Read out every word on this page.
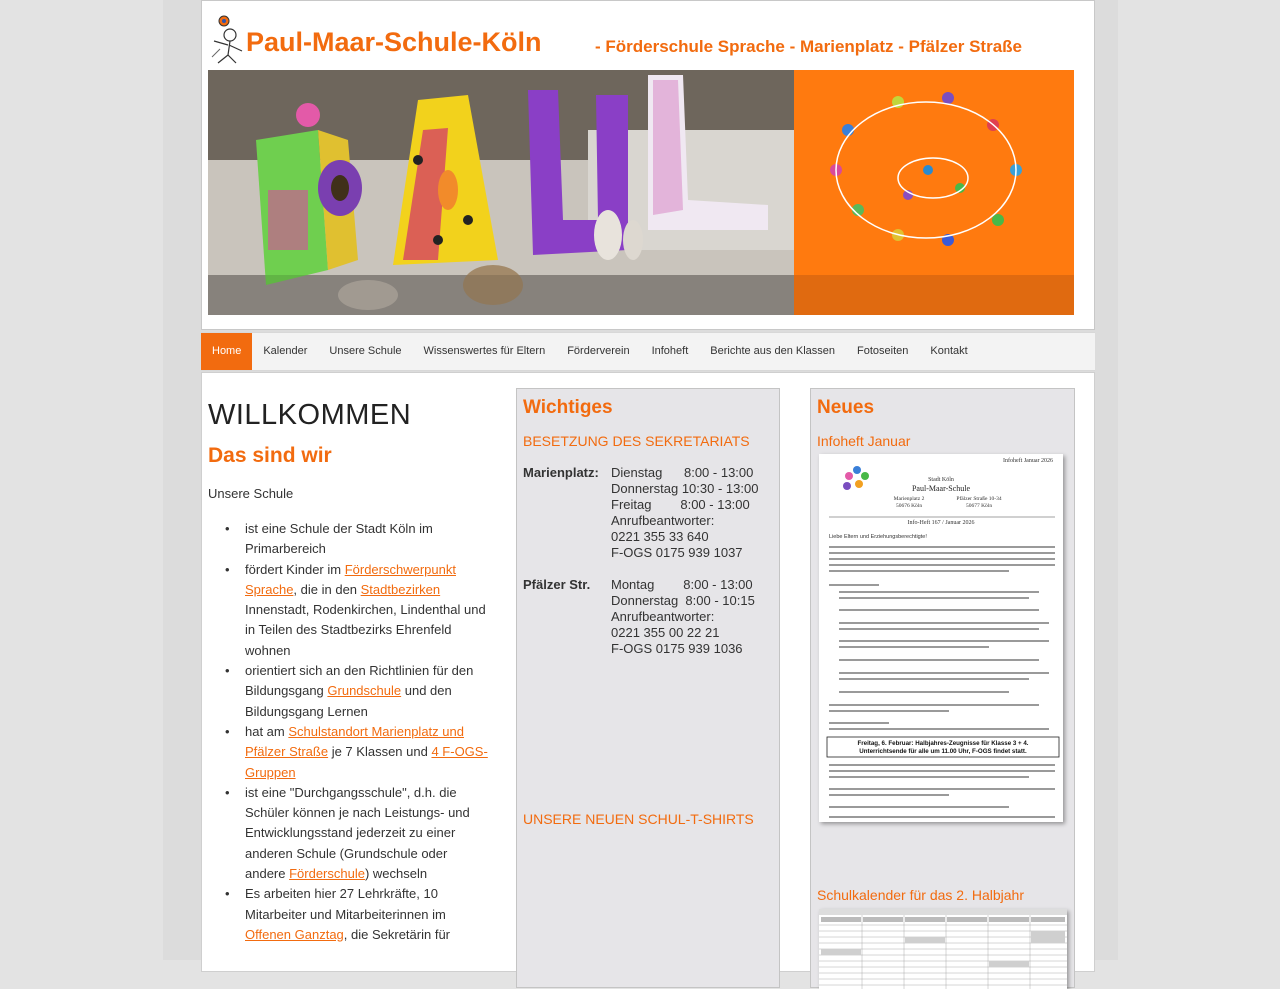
Paul-Maar-Schule-Köln	- Förderschule Sprache - Marienplatz - Pfälzer Straße
Home	Kalender	Unsere Schule	Wissenswertes für Eltern	Förderverein	Infoheft	Berichte aus den Klassen	Fotoseiten	Kontakt
WILLKOMMEN
Das sind wir

Unsere Schule

• ist eine Schule der Stadt Köln im Primarbereich
• fördert Kinder im Förderschwerpunkt Sprache, die in den Stadtbezirken Innenstadt, Rodenkirchen, Lindenthal und in Teilen des Stadtbezirks Ehrenfeld wohnen
• orientiert sich an den Richtlinien für den Bildungsgang Grundschule und den Bildungsgang Lernen
• hat am Schulstandort Marienplatz und Pfälzer Straße je 7 Klassen und 4 F-OGS-Gruppen
• ist eine "Durchgangsschule", d.h. die Schüler können je nach Leistungs- und Entwicklungsstand jederzeit zu einer anderen Schule (Grundschule oder andere Förderschule) wechseln
• Es arbeiten hier 27 Lehrkräfte, 10 Mitarbeiter und Mitarbeiterinnen im Offenen Ganztag, die Sekretärin für
Wichtiges
BESETZUNG DES SEKRETARIATS
Marienplatz: Dienstag      8:00 - 13:00
Donnerstag 10:30 - 13:00
Freitag        8:00 - 13:00
Anrufbeantworter:
0221 355 33 640
F-OGS 0175 939 1037
Pfälzer Str. Montag        8:00 - 13:00
Donnerstag  8:00 - 10:15
Anrufbeantworter:
0221 355 00 22 21
F-OGS 0175 939 1036
UNSERE NEUEN SCHUL-T-SHIRTS
Neues
Infoheft Januar
Infoheft Januar 2026
Stadt Köln
Paul-Maar-Schule
Marienplatz 2
50676 Köln
Pfälzer Straße 10-34
50677 Köln
Info-Heft 167 / Januar 2026
Liebe Eltern und Erziehungsberechtigte!
Freitag, 6. Februar: Halbjahres-Zeugnisse für Klasse 3 + 4.
Unterrichtsende für alle um 11.00 Uhr, F-OGS findet statt.
Schulkalender für das 2. Halbjahr
